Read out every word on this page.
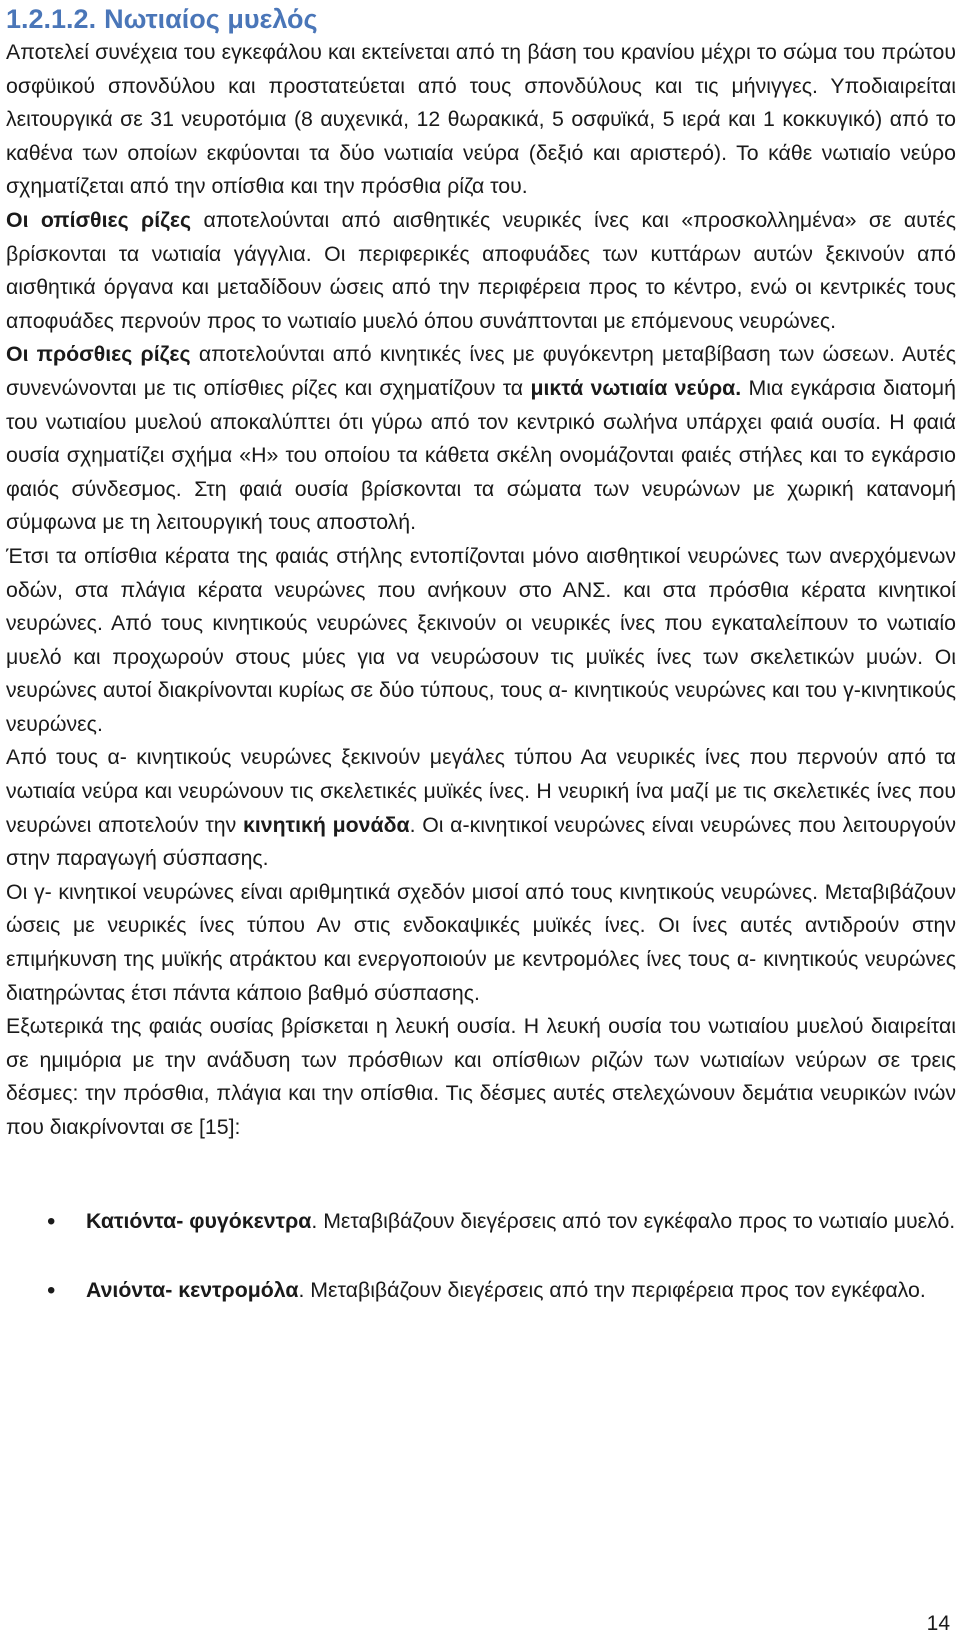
1.2.1.2. Νωτιαίος μυελός

Αποτελεί συνέχεια του εγκεφάλου και εκτείνεται από τη βάση του κρανίου μέχρι το σώμα του πρώτου οσφϋικού σπονδύλου και προστατεύεται από τους σπονδύλους και τις μήνιγγες. Υποδιαιρείται λειτουργικά σε 31 νευροτόμια (8 αυχενικά, 12 θωρακικά, 5 οσφυϊκά, 5 ιερά και 1 κοκκυγικό) από το καθένα των οποίων εκφύονται τα δύο νωτιαία νεύρα (δεξιό και αριστερό). Το κάθε νωτιαίο νεύρο σχηματίζεται από την οπίσθια και την πρόσθια ρίζα του.

Οι οπίσθιες ρίζες αποτελούνται από αισθητικές νευρικές ίνες και «προσκολλημένα» σε αυτές βρίσκονται τα νωτιαία γάγγλια. Οι περιφερικές αποφυάδες των κυττάρων αυτών ξεκινούν από αισθητικά όργανα και μεταδίδουν ώσεις από την περιφέρεια προς το κέντρο, ενώ οι κεντρικές τους αποφυάδες περνούν προς το νωτιαίο μυελό όπου συνάπτονται με επόμενους νευρώνες.

Οι πρόσθιες ρίζες αποτελούνται από κινητικές ίνες με φυγόκεντρη μεταβίβαση των ώσεων. Αυτές συνενώνονται με τις οπίσθιες ρίζες και σχηματίζουν τα μικτά νωτιαία νεύρα. Μια εγκάρσια διατομή του νωτιαίου μυελού αποκαλύπτει ότι γύρω από τον κεντρικό σωλήνα υπάρχει φαιά ουσία. Η φαιά ουσία σχηματίζει σχήμα «Η» του οποίου τα κάθετα σκέλη ονομάζονται φαιές στήλες και το εγκάρσιο φαιός σύνδεσμος. Στη φαιά ουσία βρίσκονται τα σώματα των νευρώνων με χωρική κατανομή σύμφωνα με τη λειτουργική τους αποστολή.

Έτσι τα οπίσθια κέρατα της φαιάς στήλης εντοπίζονται μόνο αισθητικοί νευρώνες των ανερχόμενων οδών, στα πλάγια κέρατα νευρώνες που ανήκουν στο ΑΝΣ. και στα πρόσθια κέρατα κινητικοί νευρώνες. Από τους κινητικούς νευρώνες ξεκινούν οι νευρικές ίνες που εγκαταλείπουν το νωτιαίο μυελό και προχωρούν στους μύες για να νευρώσουν τις μυϊκές ίνες των σκελετικών μυών. Οι νευρώνες αυτοί διακρίνονται κυρίως σε δύο τύπους, τους α- κινητικούς νευρώνες και του γ-κινητικούς νευρώνες.

Από τους α- κινητικούς νευρώνες ξεκινούν μεγάλες τύπου Αα νευρικές ίνες που περνούν από τα νωτιαία νεύρα και νευρώνουν τις σκελετικές μυϊκές ίνες. Η νευρική ίνα μαζί με τις σκελετικές ίνες που νευρώνει αποτελούν την κινητική μονάδα. Οι α-κινητικοί νευρώνες είναι νευρώνες που λειτουργούν στην παραγωγή σύσπασης.

Οι γ- κινητικοί νευρώνες είναι αριθμητικά σχεδόν μισοί από τους κινητικούς νευρώνες. Μεταβιβάζουν ώσεις με νευρικές ίνες τύπου Αν στις ενδοκαψικές μυϊκές ίνες. Οι ίνες αυτές αντιδρούν στην επιμήκυνση της μυϊκής ατράκτου και ενεργοποιούν με κεντρομόλες ίνες τους α- κινητικούς νευρώνες διατηρώντας έτσι πάντα κάποιο βαθμό σύσπασης.

Εξωτερικά της φαιάς ουσίας βρίσκεται η λευκή ουσία. Η λευκή ουσία του νωτιαίου μυελού διαιρείται σε ημιμόρια με την ανάδυση των πρόσθιων και οπίσθιων ριζών των νωτιαίων νεύρων σε τρεις δέσμες: την πρόσθια, πλάγια και την οπίσθια. Τις δέσμες αυτές στελεχώνουν δεμάτια νευρικών ινών που διακρίνονται σε [15]:

• Κατιόντα- φυγόκεντρα. Μεταβιβάζουν διεγέρσεις από τον εγκέφαλο προς το νωτιαίο μυελό.
• Ανιόντα- κεντρομόλα. Μεταβιβάζουν διεγέρσεις από την περιφέρεια προς τον εγκέφαλο.
14
